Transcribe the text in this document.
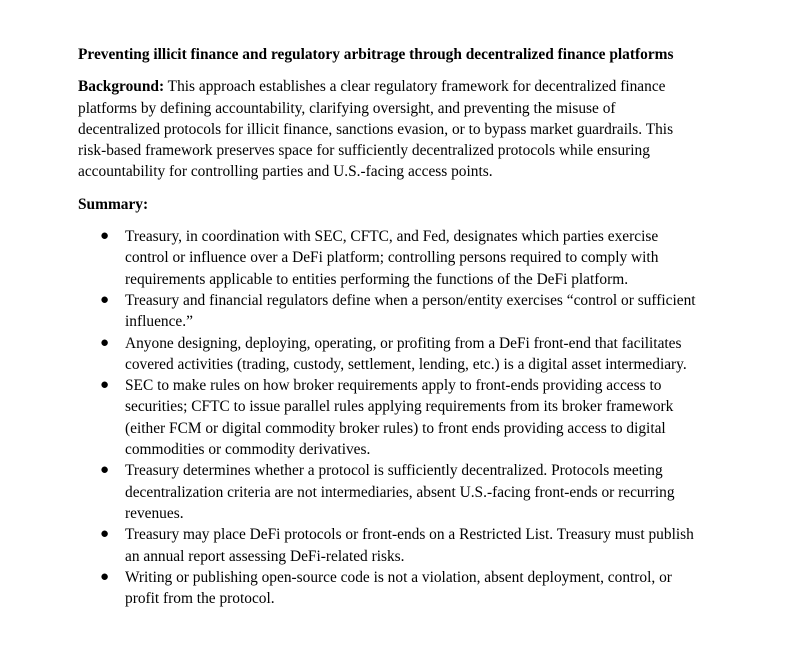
Preventing illicit finance and regulatory arbitrage through decentralized finance platforms

Background: This approach establishes a clear regulatory framework for decentralized finance platforms by defining accountability, clarifying oversight, and preventing the misuse of decentralized protocols for illicit finance, sanctions evasion, or to bypass market guardrails. This risk-based framework preserves space for sufficiently decentralized protocols while ensuring accountability for controlling parties and U.S.-facing access points.

Summary:

● Treasury, in coordination with SEC, CFTC, and Fed, designates which parties exercise control or influence over a DeFi platform; controlling persons required to comply with requirements applicable to entities performing the functions of the DeFi platform.
● Treasury and financial regulators define when a person/entity exercises “control or sufficient influence.”
● Anyone designing, deploying, operating, or profiting from a DeFi front-end that facilitates covered activities (trading, custody, settlement, lending, etc.) is a digital asset intermediary.
● SEC to make rules on how broker requirements apply to front-ends providing access to securities; CFTC to issue parallel rules applying requirements from its broker framework (either FCM or digital commodity broker rules) to front ends providing access to digital commodities or commodity derivatives.
● Treasury determines whether a protocol is sufficiently decentralized. Protocols meeting decentralization criteria are not intermediaries, absent U.S.-facing front-ends or recurring revenues.
● Treasury may place DeFi protocols or front-ends on a Restricted List. Treasury must publish an annual report assessing DeFi-related risks.
● Writing or publishing open-source code is not a violation, absent deployment, control, or profit from the protocol.
